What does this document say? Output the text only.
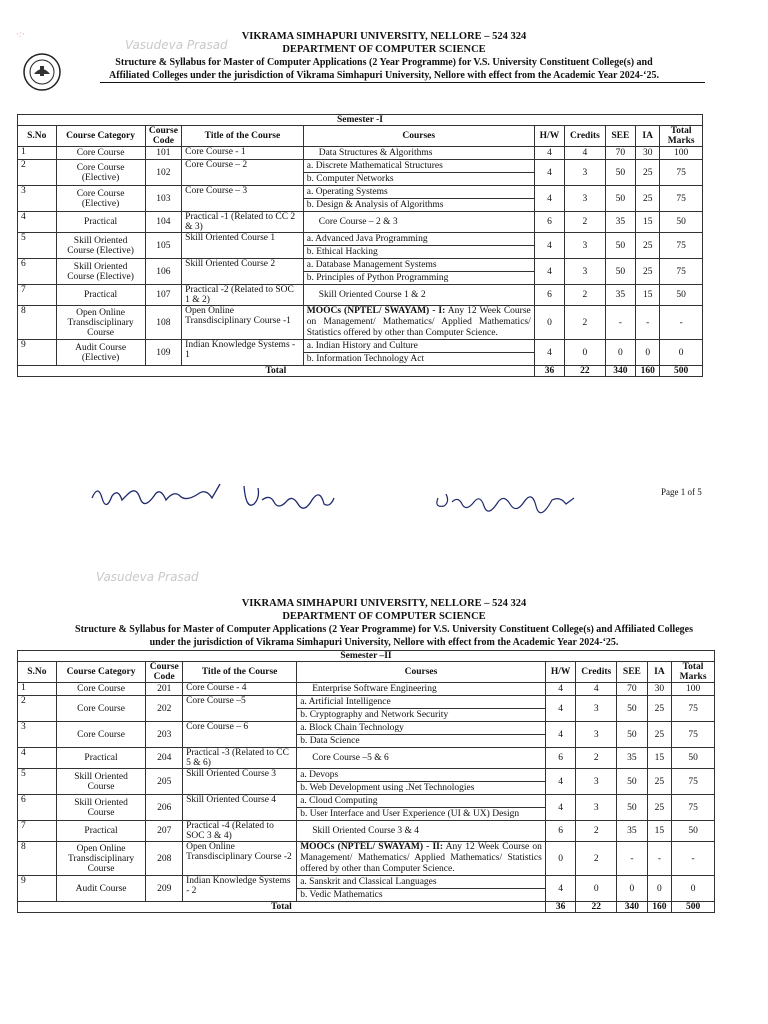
Vasudeva Prasad
·:·	VIKRAMA SIMHAPURI UNIVERSITY, NELLORE – 524 324
DEPARTMENT OF COMPUTER SCIENCE
Structure & Syllabus for Master of Computer Applications (2 Year Programme) for V.S. University Constituent College(s) and
Affiliated Colleges under the jurisdiction of Vikrama Simhapuri University, Nellore with effect from the Academic Year 2024-‘25.
Semester -I									
S.No	Course Category	Course Code	Title of the Course	Courses	H/W	Credits	SEE	IA	Total Marks
1	Core Course	101	Core Course - 1	Data Structures & Algorithms	4	4	70	30	100
2	Core Course (Elective)	102	Core Course – 2	a. Discrete Mathematical Structures
b. Computer Networks	4	3	50	25	75
3	Core Course (Elective)	103	Core Course – 3	a. Operating Systems
b. Design & Analysis of Algorithms	4	3	50	25	75
4	Practical	104	Practical -1 (Related to CC 2 & 3)	Core Course – 2 & 3	6	2	35	15	50
5	Skill Oriented Course (Elective)	105	Skill Oriented Course 1	a. Advanced Java Programming
b. Ethical Hacking	4	3	50	25	75
6	Skill Oriented Course (Elective)	106	Skill Oriented Course 2	a. Database Management Systems
b. Principles of Python Programming	4	3	50	25	75
7	Practical	107	Practical -2 (Related to SOC 1 & 2)	Skill Oriented Course 1 & 2	6	2	35	15	50
8	Open Online Transdisciplinary Course	108	Open Online Transdisciplinary Course -1	MOOCs (NPTEL/ SWAYAM) - I: Any 12 Week Course on Management/ Mathematics/ Applied Mathematics/ Statistics offered by other than Computer Science.	0	2	-	-	-
9	Audit Course (Elective)	109	Indian Knowledge Systems - 1	a. Indian History and Culture
b. Information Technology Act	4	0	0	0	0
Total					36	22	340	160	500
Page 1 of 5
Vasudeva Prasad
VIKRAMA SIMHAPURI UNIVERSITY, NELLORE – 524 324
DEPARTMENT OF COMPUTER SCIENCE
Structure & Syllabus for Master of Computer Applications (2 Year Programme) for V.S. University Constituent College(s) and Affiliated Colleges
under the jurisdiction of Vikrama Simhapuri University, Nellore with effect from the Academic Year 2024-‘25.
Semester –II									
S.No	Course Category	Course Code	Title of the Course	Courses	H/W	Credits	SEE	IA	Total Marks
1	Core Course	201	Core Course - 4	Enterprise Software Engineering	4	4	70	30	100
2	Core Course	202	Core Course –5	a. Artificial Intelligence
b. Cryptography and Network Security	4	3	50	25	75
3	Core Course	203	Core Course – 6	a. Block Chain Technology
b. Data Science	4	3	50	25	75
4	Practical	204	Practical -3 (Related to CC 5 & 6)	Core Course –5 & 6	6	2	35	15	50
5	Skill Oriented Course	205	Skill Oriented Course 3	a. Devops
b. Web Development using .Net Technologies	4	3	50	25	75
6	Skill Oriented Course	206	Skill Oriented Course 4	a. Cloud Computing
b. User Interface and User Experience (UI & UX) Design	4	3	50	25	75
7	Practical	207	Practical -4 (Related to SOC 3 & 4)	Skill Oriented Course 3 & 4	6	2	35	15	50
8	Open Online Transdisciplinary Course	208	Open Online Transdisciplinary Course -2	MOOCs (NPTEL/ SWAYAM) - II: Any 12 Week Course on Management/ Mathematics/ Applied Mathematics/ Statistics offered by other than Computer Science.	0	2	-	-	-
9	Audit Course	209	Indian Knowledge Systems - 2	a. Sanskrit and Classical Languages
b. Vedic Mathematics	4	0	0	0	0
Total					36	22	340	160	500
